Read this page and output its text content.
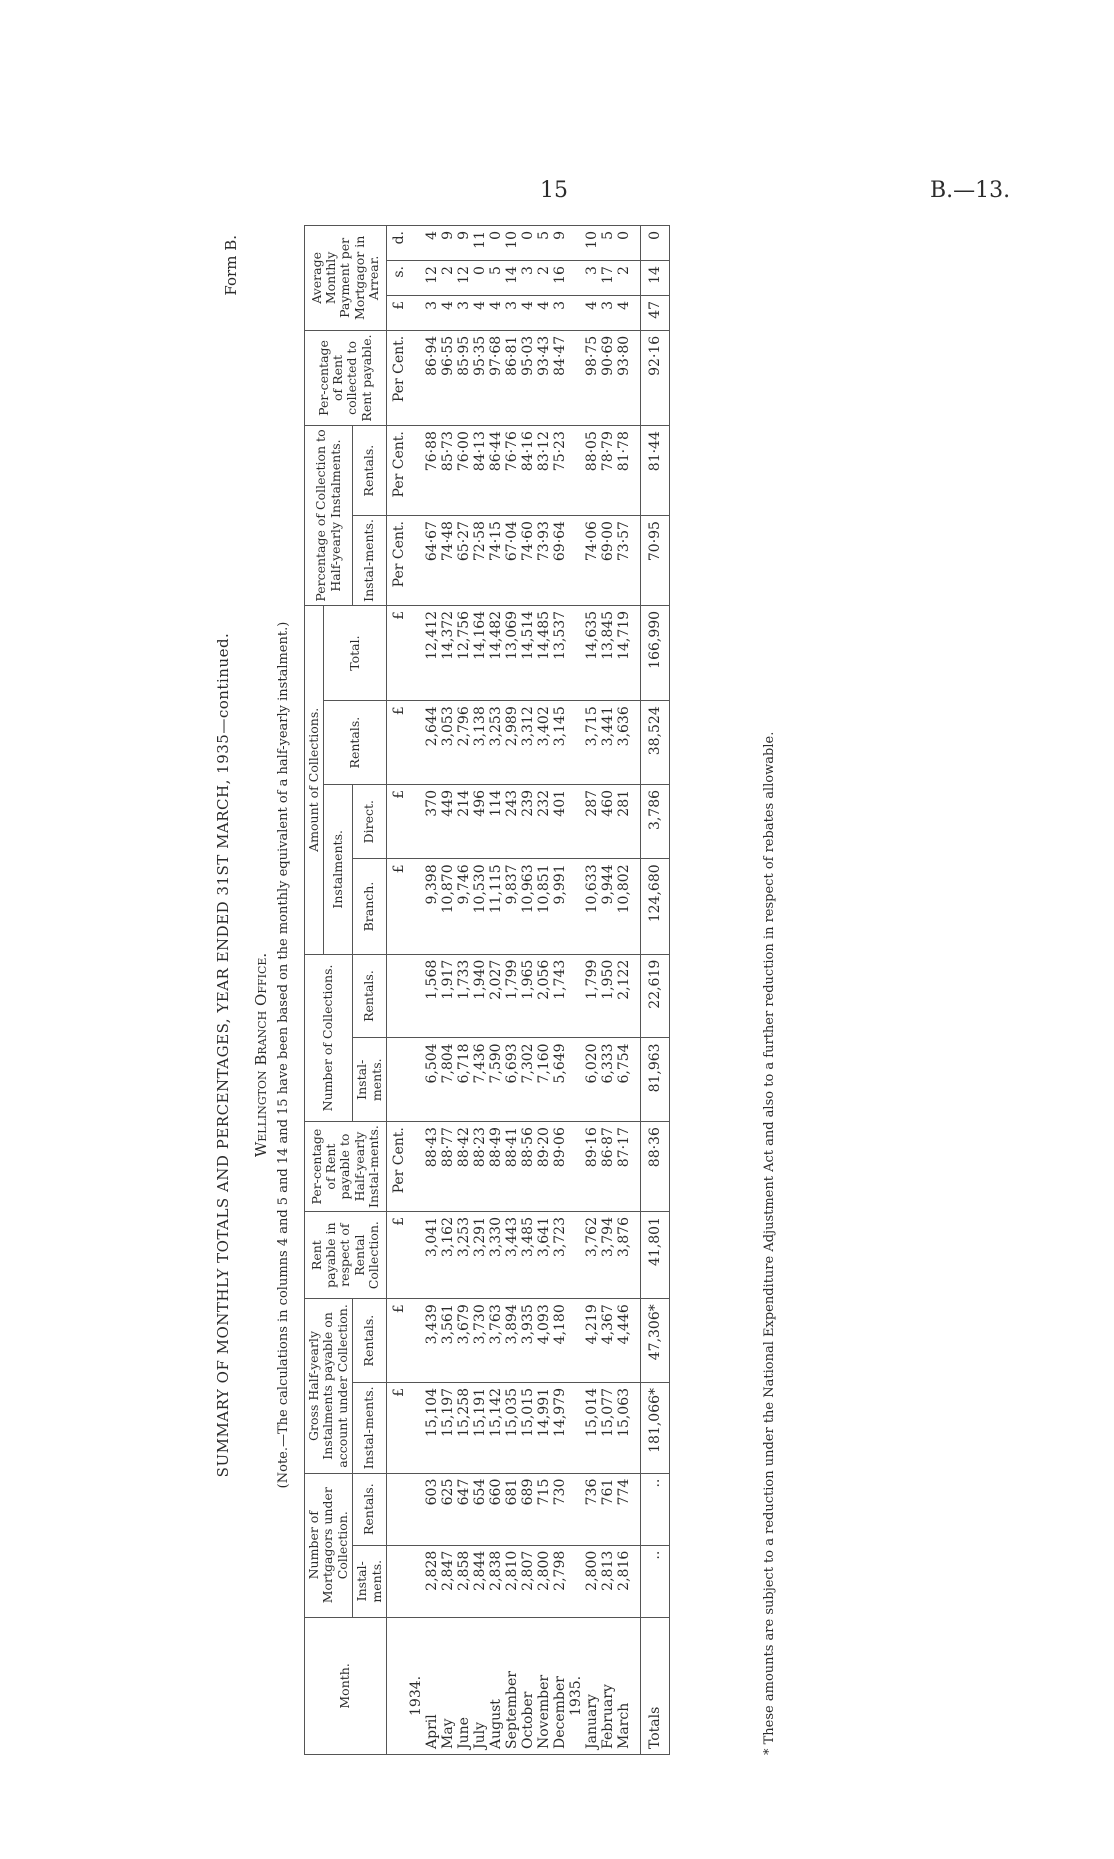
15	B.—13.
SUMMARY OF MONTHLY TOTALS AND PERCENTAGES, YEAR ENDED 31ST MARCH, 1935—continued.
Form B.
Wellington Branch Office. (Note.—The calculations in columns 4 and 5 and 14 and 15 have been based on the monthly equivalent of a half-yearly instalment.)
Month.	Number of Mortgagors under Collection.		Gross Half-yearly Instalments payable on account under Collection.		Rent payable in respect of Rental Collection.	Per-centage of Rent payable to Half-yearly Instal-ments.	Number of Collections.		Amount of Collections.				Percentage of Collection to Half-yearly Instalments.		Per-centage of Rent collected to Rent payable.	Average Monthly Payment per Mortgagor in Arrear.		
									Instalments.		Rentals.	Total.						
	Instal-ments.	Rentals.	Instal-ments.	Rentals.			Instal-ments.	Rentals.	Branch.	Direct.			Instal-ments.	Rentals.				
			£	£	£	Per Cent.			£	£	£	£	Per Cent.	Per Cent.	Per Cent.	£	s.	d.
1934.																		
April	2,828	603	15,104	3,439	3,041	88·43	6,504	1,568	9,398	370	2,644	12,412	64·67	76·88	86·94	3	12	4
May	2,847	625	15,197	3,561	3,162	88·77	7,804	1,917	10,870	449	3,053	14,372	74·48	85·73	96·55	4	2	9
June	2,858	647	15,258	3,679	3,253	88·42	6,718	1,733	9,746	214	2,796	12,756	65·27	76·00	85·95	3	12	9
July	2,844	654	15,191	3,730	3,291	88·23	7,436	1,940	10,530	496	3,138	14,164	72·58	84·13	95·35	4	0	11
August	2,838	660	15,142	3,763	3,330	88·49	7,590	2,027	11,115	114	3,253	14,482	74·15	86·44	97·68	4	5	0
September	2,810	681	15,035	3,894	3,443	88·41	6,693	1,799	9,837	243	2,989	13,069	67·04	76·76	86·81	3	14	10
October	2,807	689	15,015	3,935	3,485	88·56	7,302	1,965	10,963	239	3,312	14,514	74·60	84·16	95·03	4	3	0
November	2,800	715	14,991	4,093	3,641	89·20	7,160	2,056	10,851	232	3,402	14,485	73·93	83·12	93·43	4	2	5
December	2,798	730	14,979	4,180	3,723	89·06	5,649	1,743	9,991	401	3,145	13,537	69·64	75·23	84·47	3	16	9
1935.																		
January	2,800	736	15,014	4,219	3,762	89·16	6,020	1,799	10,633	287	3,715	14,635	74·06	88·05	98·75	4	3	10
February	2,813	761	15,077	4,367	3,794	86·87	6,333	1,950	9,944	460	3,441	13,845	69·00	78·79	90·69	3	17	5
March	2,816	774	15,063	4,446	3,876	87·17	6,754	2,122	10,802	281	3,636	14,719	73·57	81·78	93·80	4	2	0

Totals	..	..	181,066*	47,306*	41,801	88·36	81,963	22,619	124,680	3,786	38,524	166,990	70·95	81·44	92·16	47	14	0
* These amounts are subject to a reduction under the National Expenditure Adjustment Act and also to a further reduction in respect of rebates allowable.
